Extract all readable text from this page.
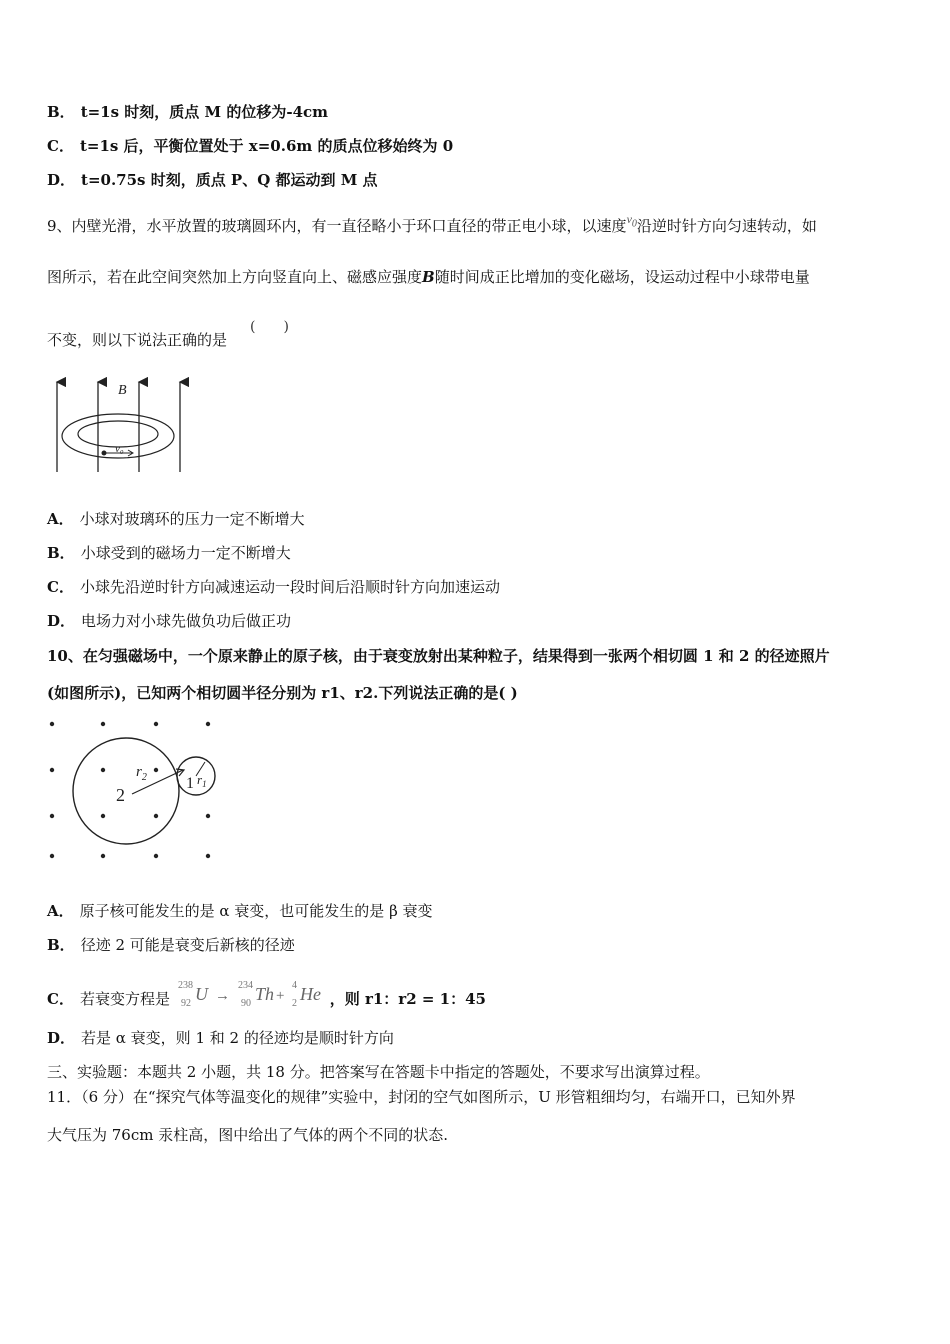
B． t=1s 时刻，质点 M 的位移为-4cm
C． t=1s 后，平衡位置处于 x=0.6m 的质点位移始终为 0
D． t=0.75s 时刻，质点 P、Q 都运动到 M 点
9、内壁光滑，水平放置的玻璃圆环内，有一直径略小于环口直径的带正电小球，以速度$^{v_0}$沿逆时针方向匀速转动，如
图所示，若在此空间突然加上方向竖直向上、磁感应强度B随时间成正比增加的变化磁场，设运动过程中小球带电量
不变，则以下说法正确的是
(　　)
B
v₀
A． 小球对玻璃环的压力一定不断增大
B． 小球受到的磁场力一定不断增大
C． 小球先沿逆时针方向减速运动一段时间后沿顺时针方向加速运动
D． 电场力对小球先做负功后做正功
10、在匀强磁场中，一个原来静止的原子核，由于衰变放射出某种粒子，结果得到一张两个相切圆 1 和 2 的径迹照片
(如图所示)，已知两个相切圆半径分别为 r1、r2.下列说法正确的是( )
2
$r_2$ 1 $r_1$
A． 原子核可能发生的是 α 衰变，也可能发生的是 β 衰变
B． 径迹 2 可能是衰变后新核的径迹
C． 若衰变方程是
238
92 U →
234
90 Th +
4
2 He ，则 r1：r2 = 1：45
D． 若是 α 衰变，则 1 和 2 的径迹均是顺时针方向
三、实验题：本题共 2 小题，共 18 分。把答案写在答题卡中指定的答题处，不要求写出演算过程。
11．（6 分）在“探究气体等温变化的规律”实验中，封闭的空气如图所示，U 形管粗细均匀，右端开口，已知外界
大气压为 76cm 汞柱高，图中给出了气体的两个不同的状态.
